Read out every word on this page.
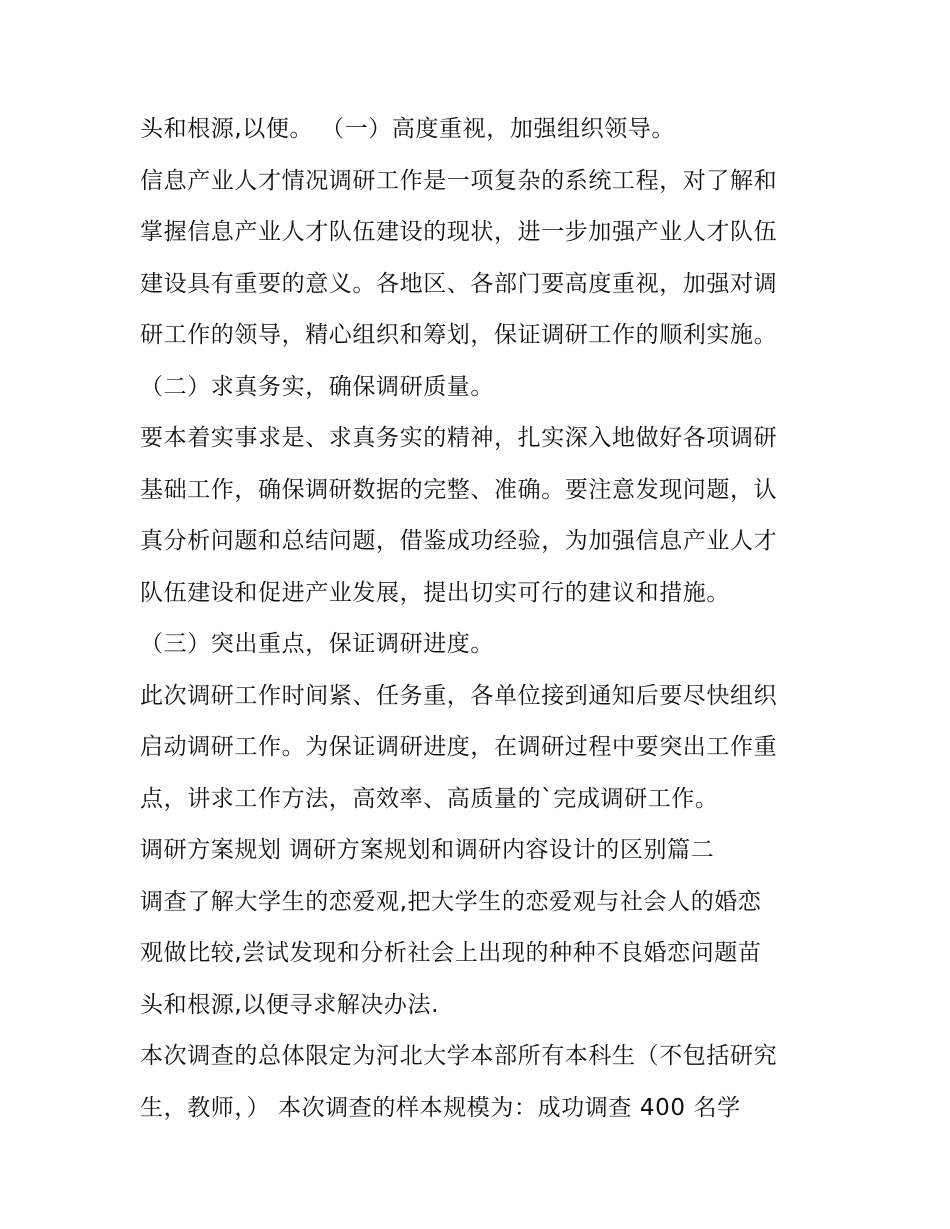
头和根源,以便。 （一）高度重视，加强组织领导。
信息产业人才情况调研工作是一项复杂的系统工程，对了解和
掌握信息产业人才队伍建设的现状，进一步加强产业人才队伍
建设具有重要的意义。各地区、各部门要高度重视，加强对调
研工作的领导，精心组织和筹划，保证调研工作的顺利实施。
（二）求真务实，确保调研质量。
要本着实事求是、求真务实的精神，扎实深入地做好各项调研
基础工作，确保调研数据的完整、准确。要注意发现问题，认
真分析问题和总结问题，借鉴成功经验，为加强信息产业人才
队伍建设和促进产业发展，提出切实可行的建议和措施。
（三）突出重点，保证调研进度。
此次调研工作时间紧、任务重，各单位接到通知后要尽快组织
启动调研工作。为保证调研进度，在调研过程中要突出工作重
点，讲求工作方法，高效率、高质量的`完成调研工作。
调研方案规划 调研方案规划和调研内容设计的区别篇二
调查了解大学生的恋爱观,把大学生的恋爱观与社会人的婚恋
观做比较,尝试发现和分析社会上出现的种种不良婚恋问题苗
头和根源,以便寻求解决办法.
本次调查的总体限定为河北大学本部所有本科生（不包括研究
生，教师，） 本次调查的样本规模为：成功调查 400 名学
